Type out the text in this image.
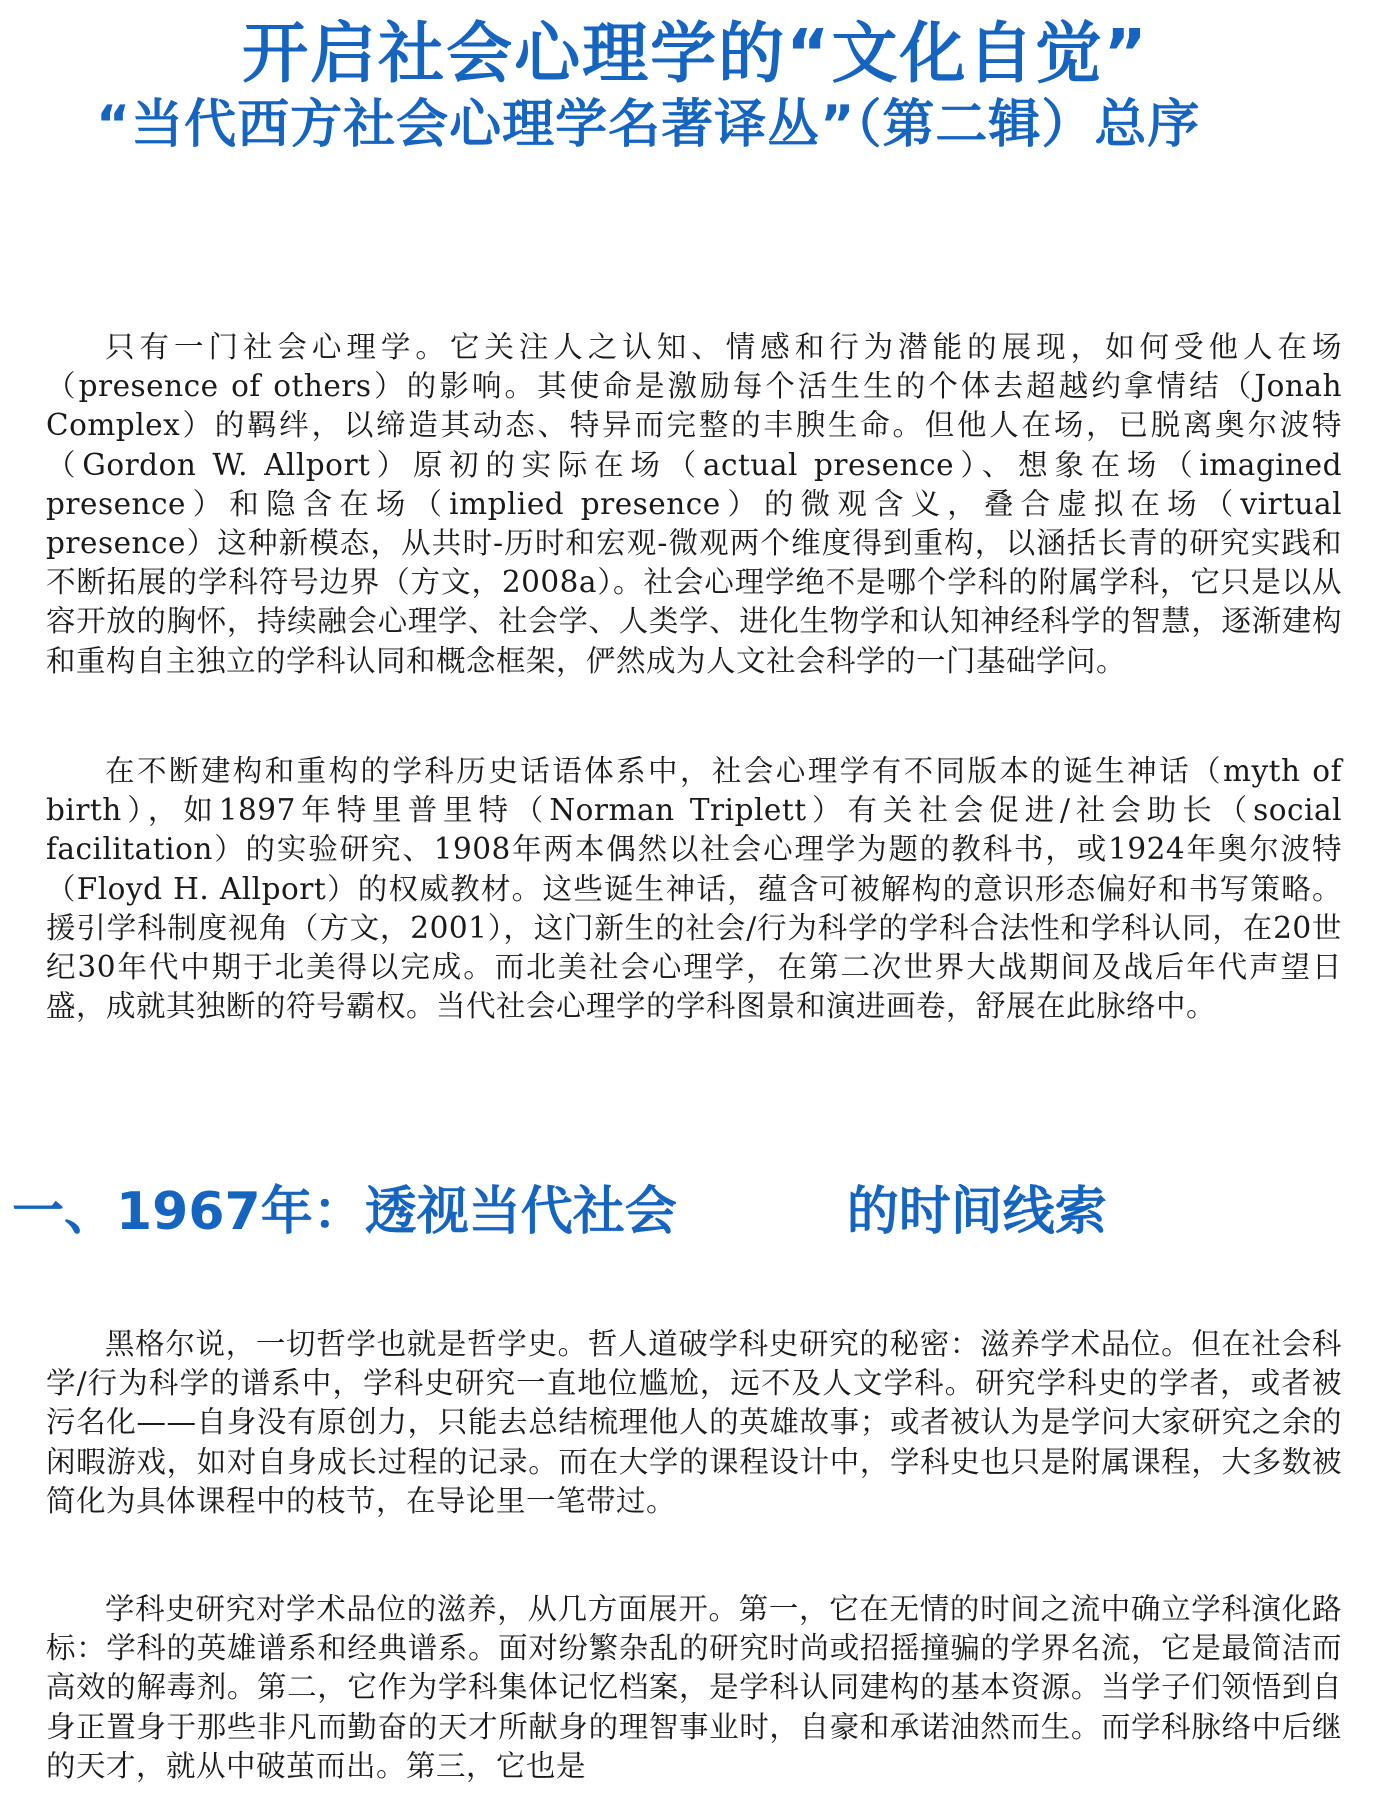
开启社会心理学的“文化自觉”
“当代西方社会心理学名著译丛”（第二辑）总序

只有一门社会心理学。它关注人之认知、情感和行为潜能的展现，如何受他人在场（presence of others）的影响。其使命是激励每个活生生的个体去超越约拿情结（Jonah Complex）的羁绊，以缔造其动态、特异而完整的丰腴生命。但他人在场，已脱离奥尔波特（Gordon W. Allport）原初的实际在场（actual presence）、想象在场（imagined presence）和隐含在场（implied presence）的微观含义，叠合虚拟在场（virtual presence）这种新模态，从共时-历时和宏观-微观两个维度得到重构，以涵括长青的研究实践和不断拓展的学科符号边界（方文，2008a）。社会心理学绝不是哪个学科的附属学科，它只是以从容开放的胸怀，持续融会心理学、社会学、人类学、进化生物学和认知神经科学的智慧，逐渐建构和重构自主独立的学科认同和概念框架，俨然成为人文社会科学的一门基础学问。

在不断建构和重构的学科历史话语体系中，社会心理学有不同版本的诞生神话（myth of birth），如1897年特里普里特（Norman Triplett）有关社会促进/社会助长（social facilitation）的实验研究、1908年两本偶然以社会心理学为题的教科书，或1924年奥尔波特（Floyd H. Allport）的权威教材。这些诞生神话，蕴含可被解构的意识形态偏好和书写策略。援引学科制度视角（方文，2001），这门新生的社会/行为科学的学科合法性和学科认同，在20世纪30年代中期于北美得以完成。而北美社会心理学，在第二次世界大战期间及战后年代声望日盛，成就其独断的符号霸权。当代社会心理学的学科图景和演进画卷，舒展在此脉络中。

一、1967年：透视当代社会	的时间线索

黑格尔说，一切哲学也就是哲学史。哲人道破学科史研究的秘密：滋养学术品位。但在社会科学/行为科学的谱系中，学科史研究一直地位尴尬，远不及人文学科。研究学科史的学者，或者被污名化——自身没有原创力，只能去总结梳理他人的英雄故事；或者被认为是学问大家研究之余的闲暇游戏，如对自身成长过程的记录。而在大学的课程设计中，学科史也只是附属课程，大多数被简化为具体课程中的枝节，在导论里一笔带过。

学科史研究对学术品位的滋养，从几方面展开。第一，它在无情的时间之流中确立学科演化路标：学科的英雄谱系和经典谱系。面对纷繁杂乱的研究时尚或招摇撞骗的学界名流，它是最简洁而高效的解毒剂。第二，它作为学科集体记忆档案，是学科认同建构的基本资源。当学子们领悟到自身正置身于那些非凡而勤奋的天才所献身的理智事业时，自豪和承诺油然而生。而学科脉络中后继的天才，就从中破茧而出。第三，它也是
